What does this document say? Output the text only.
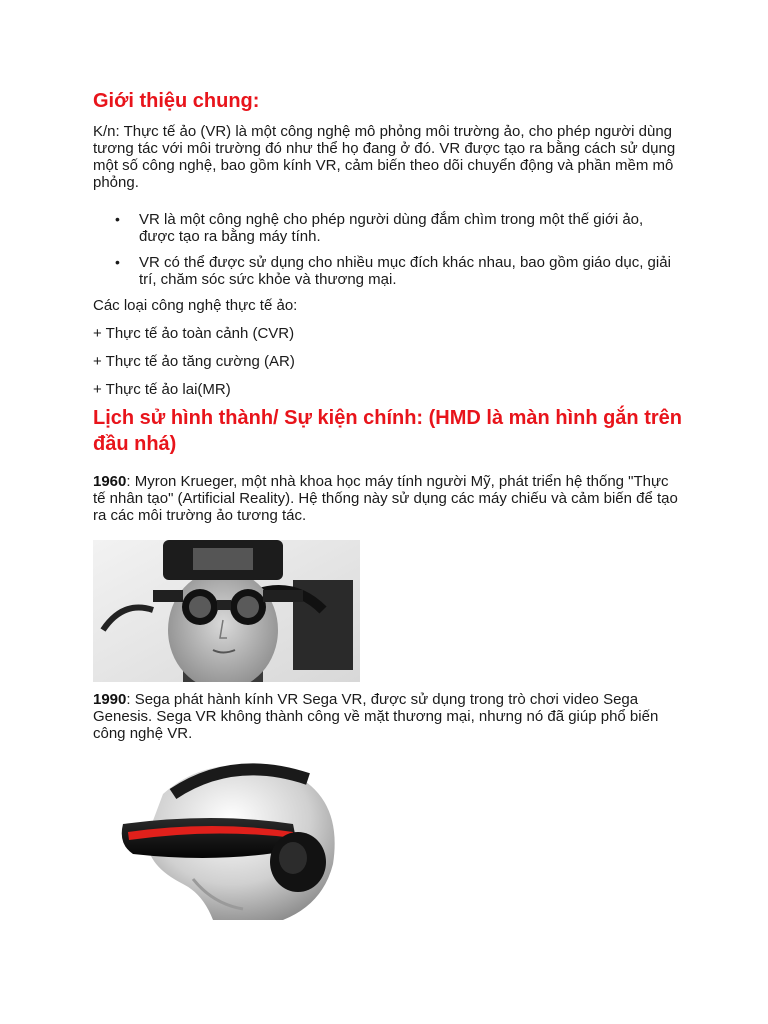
Giới thiệu chung:

K/n: Thực tế ảo (VR) là một công nghệ mô phỏng môi trường ảo, cho phép người dùng tương tác với môi trường đó như thể họ đang ở đó. VR được tạo ra bằng cách sử dụng một số công nghệ, bao gồm kính VR, cảm biến theo dõi chuyển động và phần mềm mô phỏng.

• VR là một công nghệ cho phép người dùng đắm chìm trong một thế giới ảo, được tạo ra bằng máy tính.
• VR có thể được sử dụng cho nhiều mục đích khác nhau, bao gồm giáo dục, giải trí, chăm sóc sức khỏe và thương mại.

Các loại công nghệ thực tế ảo:

+ Thực tế ảo toàn cảnh (CVR)

+ Thực tế ảo tăng cường (AR)

+ Thực tế ảo lai(MR)

Lịch sử hình thành/ Sự kiện chính: (HMD là màn hình gắn trên đầu nhá)

1960: Myron Krueger, một nhà khoa học máy tính người Mỹ, phát triển hệ thống "Thực tế nhân tạo" (Artificial Reality). Hệ thống này sử dụng các máy chiếu và cảm biến để tạo ra các môi trường ảo tương tác.

1990: Sega phát hành kính VR Sega VR, được sử dụng trong trò chơi video Sega Genesis. Sega VR không thành công về mặt thương mại, nhưng nó đã giúp phổ biến công nghệ VR.
